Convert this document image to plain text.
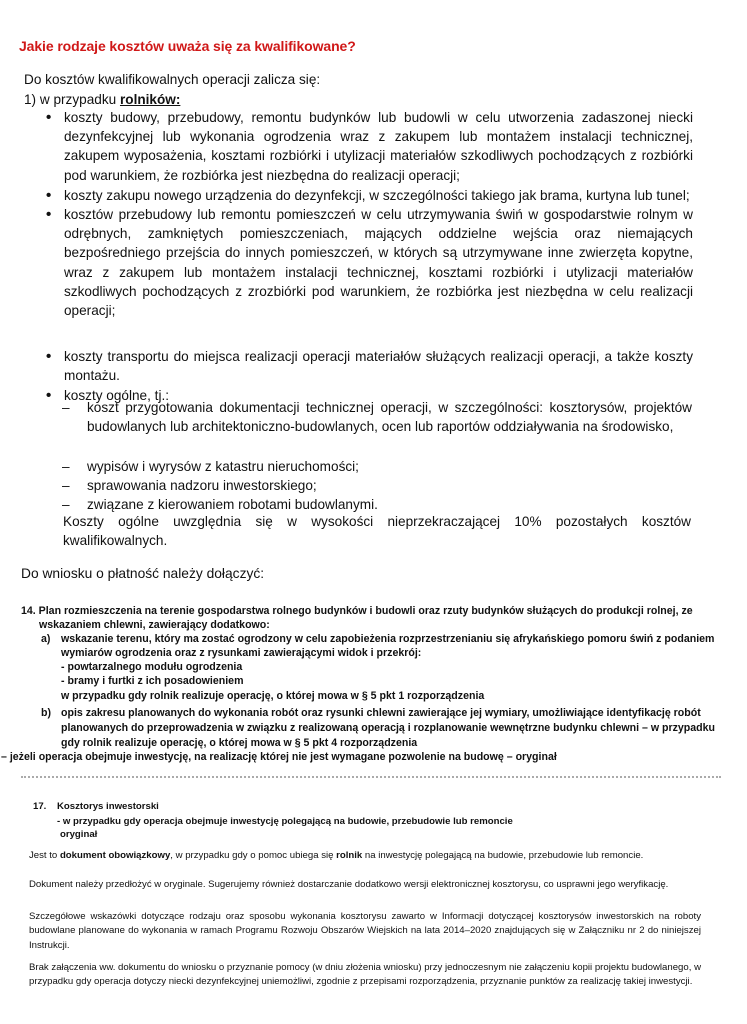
Jakie rodzaje kosztów uważa się za kwalifikowane?

Do kosztów kwalifikowalnych operacji zalicza się:

1) w przypadku rolników:

• koszty budowy, przebudowy, remontu budynków lub budowli w celu utworzenia zadaszonej niecki dezynfekcyjnej lub wykonania ogrodzenia wraz z zakupem lub montażem instalacji technicznej, zakupem wyposażenia, kosztami rozbiórki i utylizacji materiałów szkodliwych pochodzących z rozbiórki pod warunkiem, że rozbiórka jest niezbędna do realizacji operacji;
• koszty zakupu nowego urządzenia do dezynfekcji, w szczególności takiego jak brama, kurtyna lub tunel;
• kosztów przebudowy lub remontu pomieszczeń w celu utrzymywania świń w gospodarstwie rolnym w odrębnych, zamkniętych pomieszczeniach, mających oddzielne wejścia oraz niemających bezpośredniego przejścia do innych pomieszczeń, w których są utrzymywane inne zwierzęta kopytne, wraz z zakupem lub montażem instalacji technicznej, kosztami rozbiórki i utylizacji materiałów szkodliwych pochodzących z zrozbiórki pod warunkiem, że rozbiórka jest niezbędna w celu realizacji operacji;
• koszty transportu do miejsca realizacji operacji materiałów służących realizacji operacji, a także koszty montażu.
• koszty ogólne, tj.:
– koszt przygotowania dokumentacji technicznej operacji, w szczególności: kosztorysów, projektów budowlanych lub architektoniczno-budowlanych, ocen lub raportów oddziaływania na środowisko,
– wypisów i wyrysów z katastru nieruchomości;
– sprawowania nadzoru inwestorskiego;
– związane z kierowaniem robotami budowlanymi.

Koszty ogólne uwzględnia się w wysokości nieprzekraczającej 10% pozostałych kosztów kwalifikowalnych.

Do wniosku o płatność należy dołączyć:

14. Plan rozmieszczenia na terenie gospodarstwa rolnego budynków i budowli oraz rzuty budynków służących do produkcji rolnej, ze

wskazaniem chlewni, zawierający dodatkowo:

a) wskazanie terenu, który ma zostać ogrodzony w celu zapobieżenia rozprzestrzenianiu się afrykańskiego pomoru świń z podaniem

wymiarów ogrodzenia oraz z rysunkami zawierającymi widok i przekrój:

- powtarzalnego modułu ogrodzenia

- bramy i furtki z ich posadowieniem

w przypadku gdy rolnik realizuje operację, o której mowa w § 5 pkt 1 rozporządzenia

b) opis zakresu planowanych do wykonania robót oraz rysunki chlewni zawierające jej wymiary, umożliwiające identyfikację robót

planowanych do przeprowadzenia w związku z realizowaną operacją i rozplanowanie wewnętrzne budynku chlewni – w przypadku

gdy rolnik realizuje operację, o której mowa w § 5 pkt 4 rozporządzenia

– jeżeli operacja obejmuje inwestycję, na realizację której nie jest wymagane pozwolenie na budowę – oryginał

17. Kosztorys inwestorski

- w przypadku gdy operacja obejmuje inwestycję polegającą na budowie, przebudowie lub remoncie
oryginał

Jest to dokument obowiązkowy, w przypadku gdy o pomoc ubiega się rolnik na inwestycję polegającą na budowie, przebudowie lub remoncie.

Dokument należy przedłożyć w oryginale. Sugerujemy również dostarczanie dodatkowo wersji elektronicznej kosztorysu, co usprawni jego weryfikację.

Szczegółowe wskazówki dotyczące rodzaju oraz sposobu wykonania kosztorysu zawarto w Informacji dotyczącej kosztorysów inwestorskich na roboty budowlane planowane do wykonania w ramach Programu Rozwoju Obszarów Wiejskich na lata 2014–2020 znajdujących się w Załączniku nr 2 do niniejszej Instrukcji.

Brak załączenia ww. dokumentu do wniosku o przyznanie pomocy (w dniu złożenia wniosku) przy jednoczesnym nie załączeniu kopii projektu budowlanego, w przypadku gdy operacja dotyczy niecki dezynfekcyjnej uniemożliwi, zgodnie z przepisami rozporządzenia, przyznanie punktów za realizację takiej inwestycji.
